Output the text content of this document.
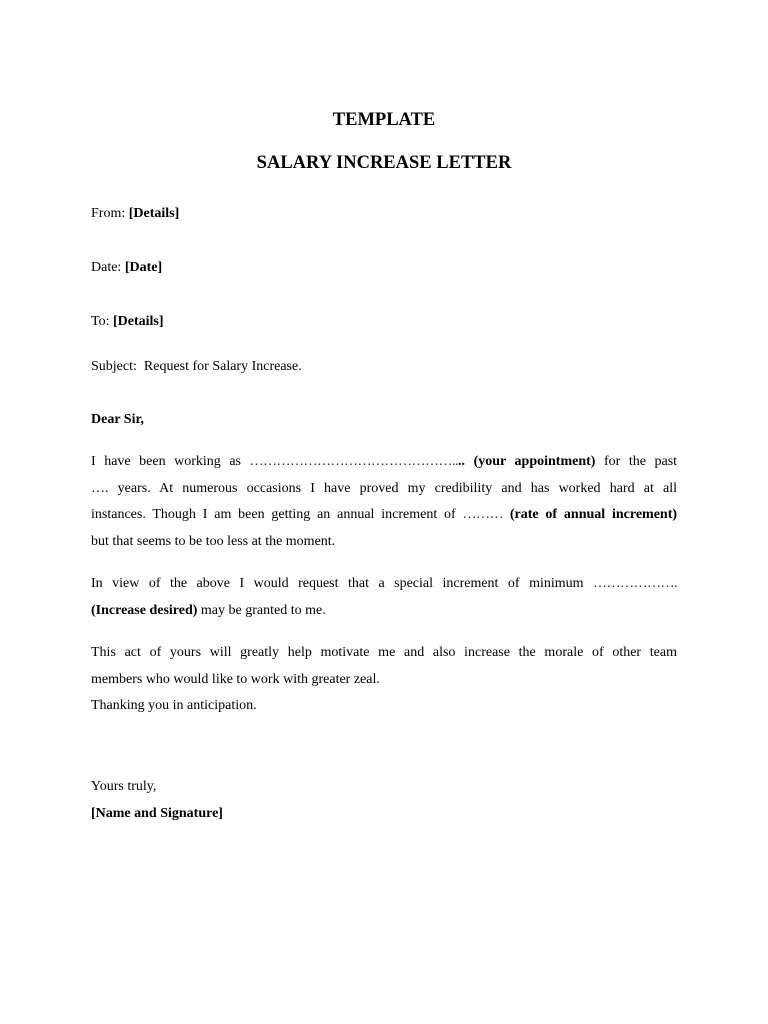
TEMPLATE
SALARY INCREASE LETTER

From: [Details]

Date: [Date]

To: [Details]

Subject: Request for Salary Increase.

Dear Sir,

I have been working as ……………………………………….... (your appointment) for the past
…. years. At numerous occasions I have proved my credibility and has worked hard at all
instances. Though I am been getting an annual increment of ……… (rate of annual increment)
but that seems to be too less at the moment.
In view of the above I would request that a special increment of minimum ……………….
(Increase desired) may be granted to me.
This act of yours will greatly help motivate me and also increase the morale of other team
members who would like to work with greater zeal.
Thanking you in anticipation.

Yours truly,

[Name and Signature]
